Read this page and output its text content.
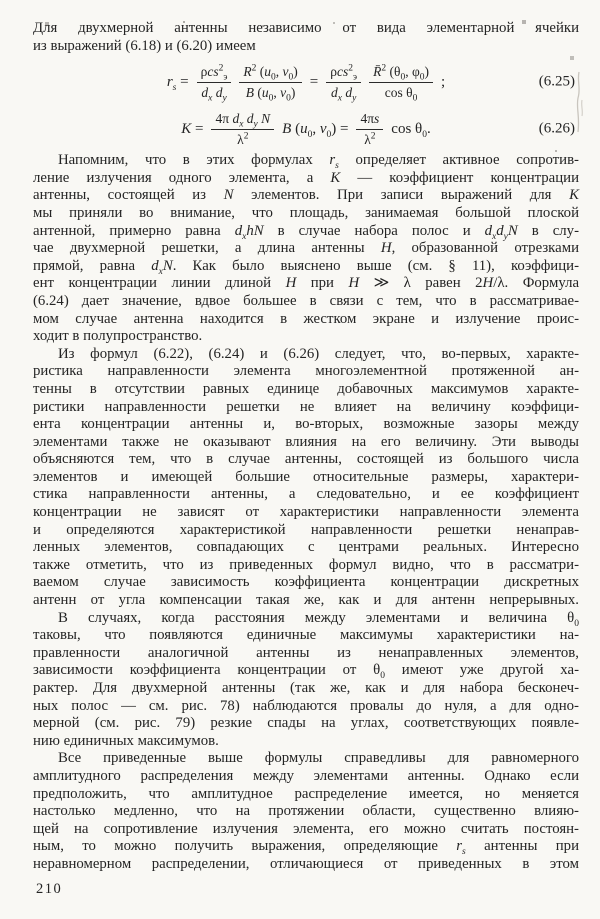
Для двухмерной антенны независимо от вида элементарной ячейки
из выражений (6.18) и (6.20) имеем
$r_s = \frac{\rho cs^2_э}{d_x d_y} \frac{R^2 (u_0, v_0)}{B (u_0, v_0)} = \frac{\rho cs^2_э}{d_x d_y} \frac{R̄^2 (\theta_0, \varphi_0)}{\cos \theta_0}$ ;	(6.25)
$K = \frac{4\pi d_x d_y N}{\lambda^2}$ B ($u_0$, $v_0) = \frac{4\pi s}{\lambda^2}$ $\cos \theta_0$.	(6.26)
Напомним, что в этих формулах $r_s$ определяет активное сопротив-
ление излучения одного элемента, а K — коэффициент концентрации
антенны, состоящей из N элементов. При записи выражений для K
мы приняли во внимание, что площадь, занимаемая большой плоской
антенной, примерно равна $d_xhN$ в случае набора полос и $d_xd_yN$ в слу-
чае двухмерной решетки, а длина антенны H, образованной отрезками
прямой, равна $d_xN$. Как было выяснено выше (см. § 11), коэффици-
ент концентрации линии длиной H при H ≫ λ равен 2H/λ. Формула
(6.24) дает значение, вдвое большее в связи с тем, что в рассматривае-
мом случае антенна находится в жестком экране и излучение проис-
ходит в полупространство.
Из формул (6.22), (6.24) и (6.26) следует, что, во-первых, характе-
ристика направленности элемента многоэлементной протяженной ан-
тенны в отсутствии равных единице добавочных максимумов характе-
ристики направленности решетки не влияет на величину коэффици-
ента концентрации антенны и, во-вторых, возможные зазоры между
элементами также не оказывают влияния на его величину. Эти выводы
объясняются тем, что в случае антенны, состоящей из большого числа
элементов и имеющей большие относительные размеры, характери-
стика направленности антенны, а следовательно, и ее коэффициент
концентрации не зависят от характеристики направленности элемента
и определяются характеристикой направленности решетки ненаправ-
ленных элементов, совпадающих с центрами реальных. Интересно
также отметить, что из приведенных формул видно, что в рассматри-
ваемом случае зависимость коэффициента концентрации дискретных
антенн от угла компенсации такая же, как и для антенн непрерывных.
В случаях, когда расстояния между элементами и величина $\theta_0$
таковы, что появляются единичные максимумы характеристики на-
правленности аналогичной антенны из ненаправленных элементов,
зависимости коэффициента концентрации от $\theta_0$ имеют уже другой ха-
рактер. Для двухмерной антенны (так же, как и для набора бесконеч-
ных полос — см. рис. 78) наблюдаются провалы до нуля, а для одно-
мерной (см. рис. 79) резкие спады на углах, соответствующих появле-
нию единичных максимумов.
Все приведенные выше формулы справедливы для равномерного
амплитудного распределения между элементами антенны. Однако если
предположить, что амплитудное распределение имеется, но меняется
настолько медленно, что на протяжении области, существенно влияю-
щей на сопротивление излучения элемента, его можно считать постоян-
ным, то можно получить выражения, определяющие $r_s$ антенны при
неравномерном распределении, отличающиеся от приведенных в этом
210
